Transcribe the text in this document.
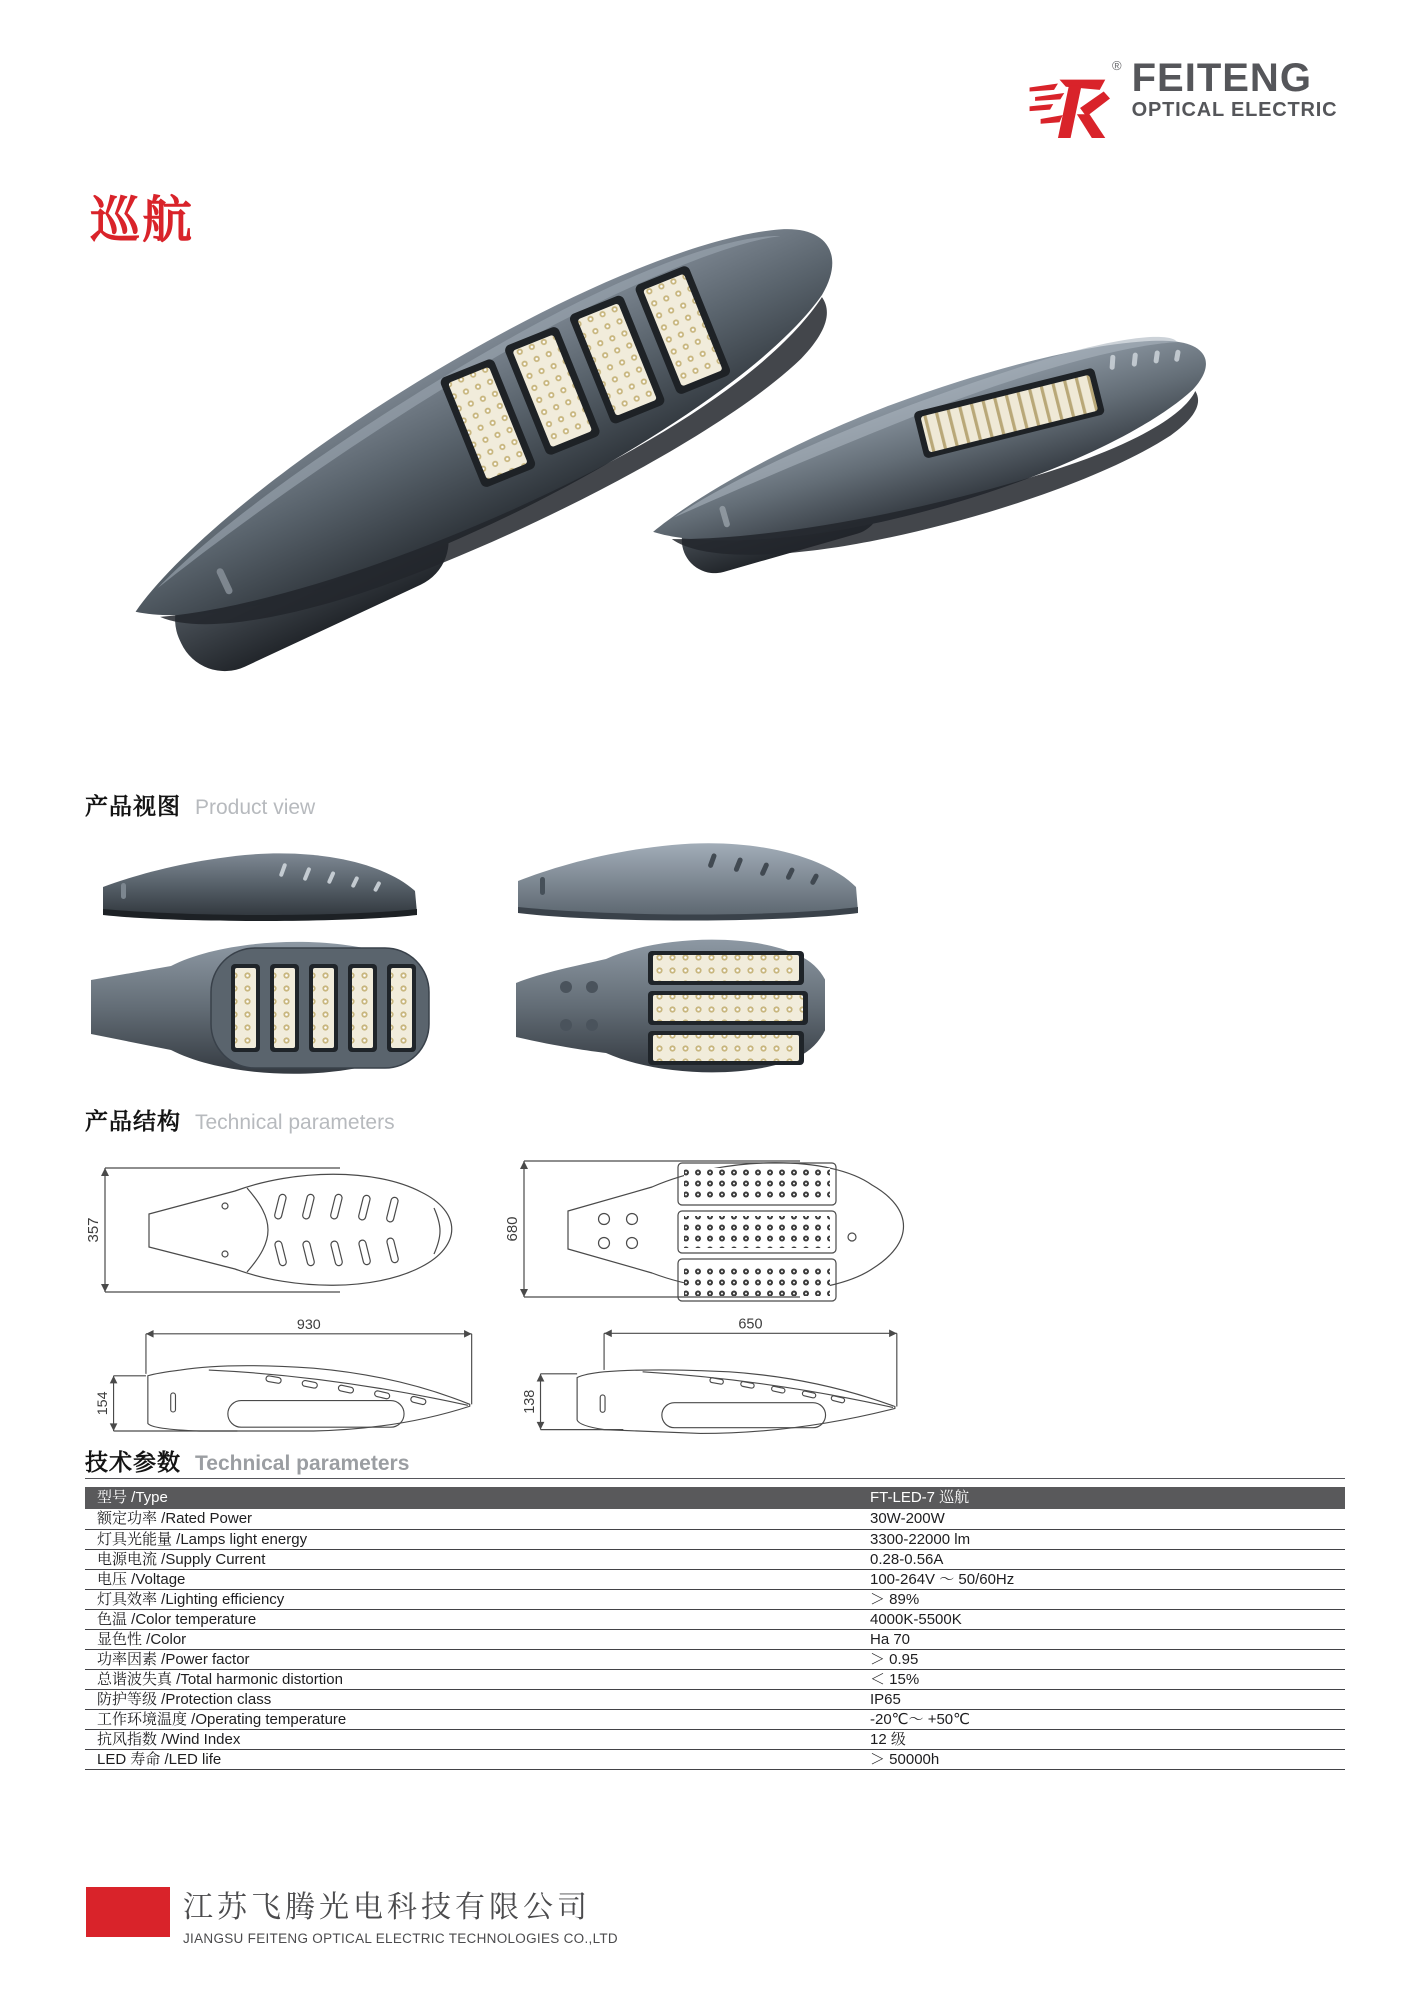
® FEITENG
OPTICAL ELECTRIC
巡航
产品视图 Product view
产品结构 Technical parameters
357	680
930
154
650
138
技术参数 Technical parameters
型号 /Type	FT-LED-7 巡航
额定功率 /Rated Power	30W-200W
灯具光能量 /Lamps light energy	3300-22000 lm
电源电流 /Supply Current	0.28-0.56A
电压 /Voltage	100-264V ～ 50/60Hz
灯具效率 /Lighting efficiency	＞ 89%
色温 /Color temperature	4000K-5500K
显色性 /Color	Ha 70
功率因素 /Power factor	＞ 0.95
总谐波失真 /Total harmonic distortion	＜ 15%
防护等级 /Protection class	IP65
工作环境温度 /Operating temperature	-20℃～ +50℃
抗风指数 /Wind Index	12 级
LED 寿命 /LED life	＞ 50000h
江苏飞腾光电科技有限公司
JIANGSU FEITENG OPTICAL ELECTRIC TECHNOLOGIES CO.,LTD
